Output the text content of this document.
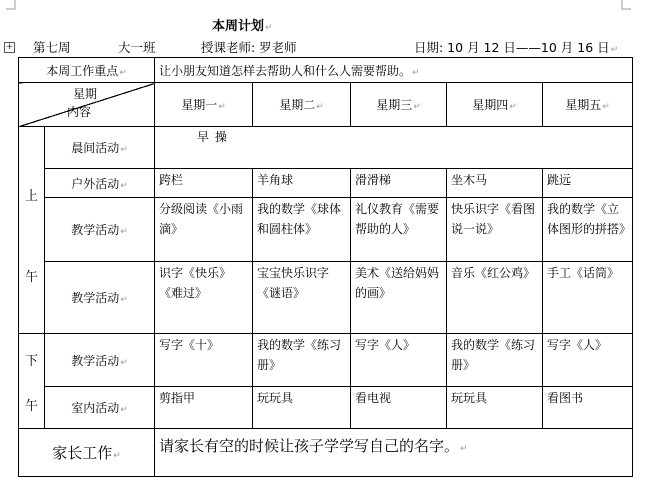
本周计划↵
+ 第七周	大一班	授课老师: 罗老师	日期: 10 月 12 日——10 月 16 日↵
本周工作重点↵		让小朋友知道怎样去帮助人和什么人需要帮助。↵				

星期
内容		星期一↵	星期二↵	星期三↵	星期四↵	星期五↵

上
午	晨间活动↵	早 操				

	户外活动↵	跨栏	羊角球	滑滑梯	坐木马	跳远
	教学活动↵	分级阅读《小雨滴》	我的数学《球体和圆柱体》	礼仪教育《需要帮助的人》	快乐识字《看图说一说》	我的数学《立体图形的拼搭》
	教学活动↵	识字《快乐》《难过》	宝宝快乐识字《谜语》	美术《送给妈妈的画》	音乐《红公鸡》	手工《话筒》

下
午	教学活动↵	写字《十》	我的数学《练习册》	写字《人》	我的数学《练习册》	写字《人》
	室内活动↵	剪指甲	玩玩具	看电视	玩玩具	看图书
家长工作↵		请家长有空的时候让孩子学学写自己的名字。↵				
